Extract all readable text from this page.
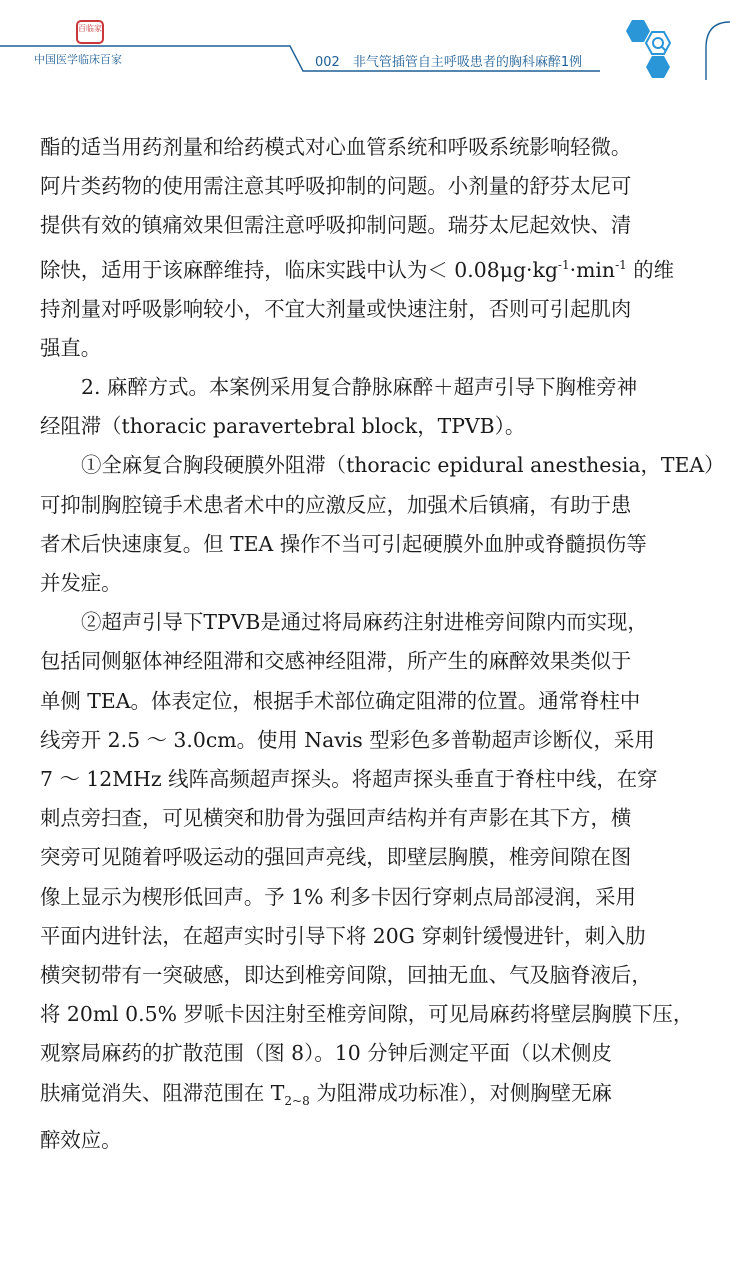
百临家
中国医学临床百家	002　非气管插管自主呼吸患者的胸科麻醉1例

酯的适当用药剂量和给药模式对心血管系统和呼吸系统影响轻微。

阿片类药物的使用需注意其呼吸抑制的问题。小剂量的舒芬太尼可

提供有效的镇痛效果但需注意呼吸抑制问题。瑞芬太尼起效快、清

除快，适用于该麻醉维持，临床实践中认为＜ $0.08\mu g\cdot kg^{-1}\cdot\min^{-1}$ 的维

持剂量对呼吸影响较小，不宜大剂量或快速注射，否则可引起肌肉

强直。

2. 麻醉方式。本案例采用复合静脉麻醉＋超声引导下胸椎旁神

经阻滞（thoracic paravertebral block，TPVB）。

①全麻复合胸段硬膜外阻滞（thoracic epidural anesthesia，TEA）

可抑制胸腔镜手术患者术中的应激反应，加强术后镇痛，有助于患

者术后快速康复。但 TEA 操作不当可引起硬膜外血肿或脊髓损伤等

并发症。

②超声引导下TPVB是通过将局麻药注射进椎旁间隙内而实现，

包括同侧躯体神经阻滞和交感神经阻滞，所产生的麻醉效果类似于

单侧 TEA。体表定位，根据手术部位确定阻滞的位置。通常脊柱中

线旁开 2.5 ～ 3.0cm。使用 Navis 型彩色多普勒超声诊断仪，采用

7 ～ 12MHz 线阵高频超声探头。将超声探头垂直于脊柱中线，在穿

刺点旁扫查，可见横突和肋骨为强回声结构并有声影在其下方，横

突旁可见随着呼吸运动的强回声亮线，即壁层胸膜，椎旁间隙在图

像上显示为楔形低回声。予 1% 利多卡因行穿刺点局部浸润，采用

平面内进针法，在超声实时引导下将 20G 穿刺针缓慢进针，刺入肋

横突韧带有一突破感，即达到椎旁间隙，回抽无血、气及脑脊液后，

将 20ml 0.5% 罗哌卡因注射至椎旁间隙，可见局麻药将壁层胸膜下压，

观察局麻药的扩散范围（图 8）。10 分钟后测定平面（以术侧皮

肤痛觉消失、阻滞范围在 $T_{2\sim 8}$ 为阻滞成功标准），对侧胸壁无麻

醉效应。
